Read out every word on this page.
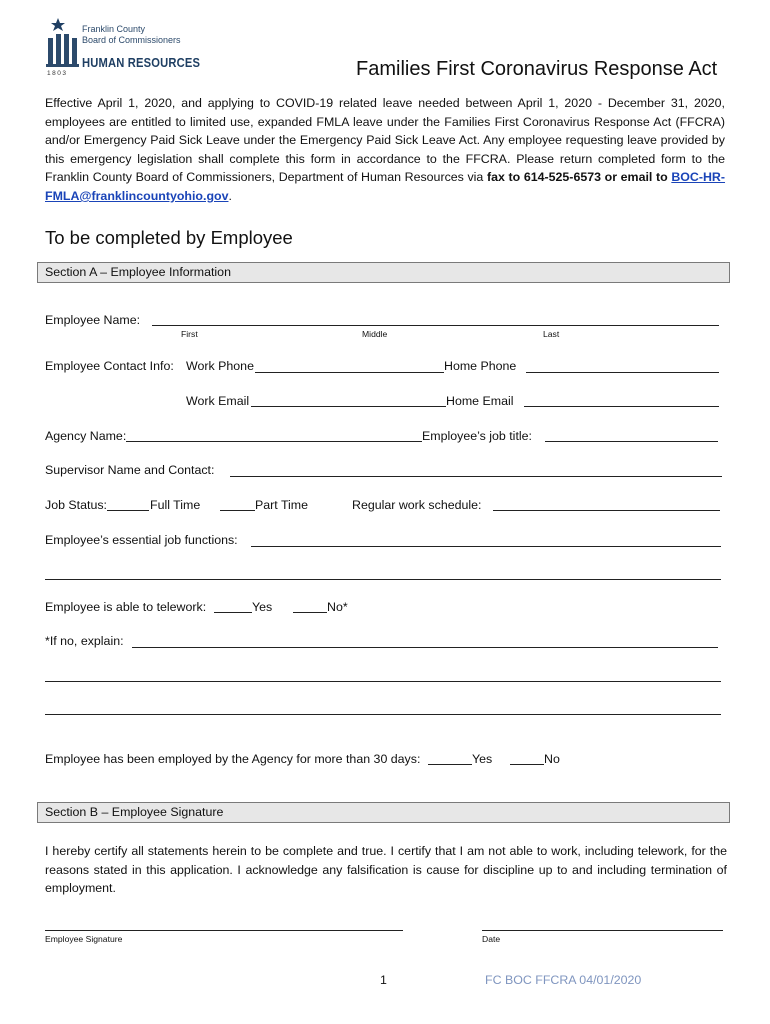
Franklin County
Board of Commissioners
HUMAN RESOURCES
1803	Families First Coronavirus Response Act
Effective April 1, 2020, and applying to COVID-19 related leave needed between April 1, 2020 - December 31, 2020, employees are entitled to limited use, expanded FMLA leave under the Families First Coronavirus Response Act (FFCRA) and/or Emergency Paid Sick Leave under the Emergency Paid Sick Leave Act. Any employee requesting leave provided by this emergency legislation shall complete this form in accordance to the FFCRA. Please return completed form to the Franklin County Board of Commissioners, Department of Human Resources via fax to 614-525-6573 or email to BOC-HR-FMLA@franklincountyohio.gov.
To be completed by Employee
Section A – Employee Information
Employee Name:
First	Middle	Last
Employee Contact Info: Work Phone	Home Phone
Work Email	Home Email
Agency Name:	Employee’s job title:
Supervisor Name and Contact:
Job Status:	Full Time	Part Time	Regular work schedule:
Employee’s essential job functions:
Employee is able to telework:	Yes	No*
*If no, explain:
Employee has been employed by the Agency for more than 30 days:	Yes	No
Section B – Employee Signature
I hereby certify all statements herein to be complete and true. I certify that I am not able to work, including telework, for the reasons stated in this application. I acknowledge any falsification is cause for discipline up to and including termination of employment.
Employee Signature	Date
1	FC BOC FFCRA 04/01/2020
